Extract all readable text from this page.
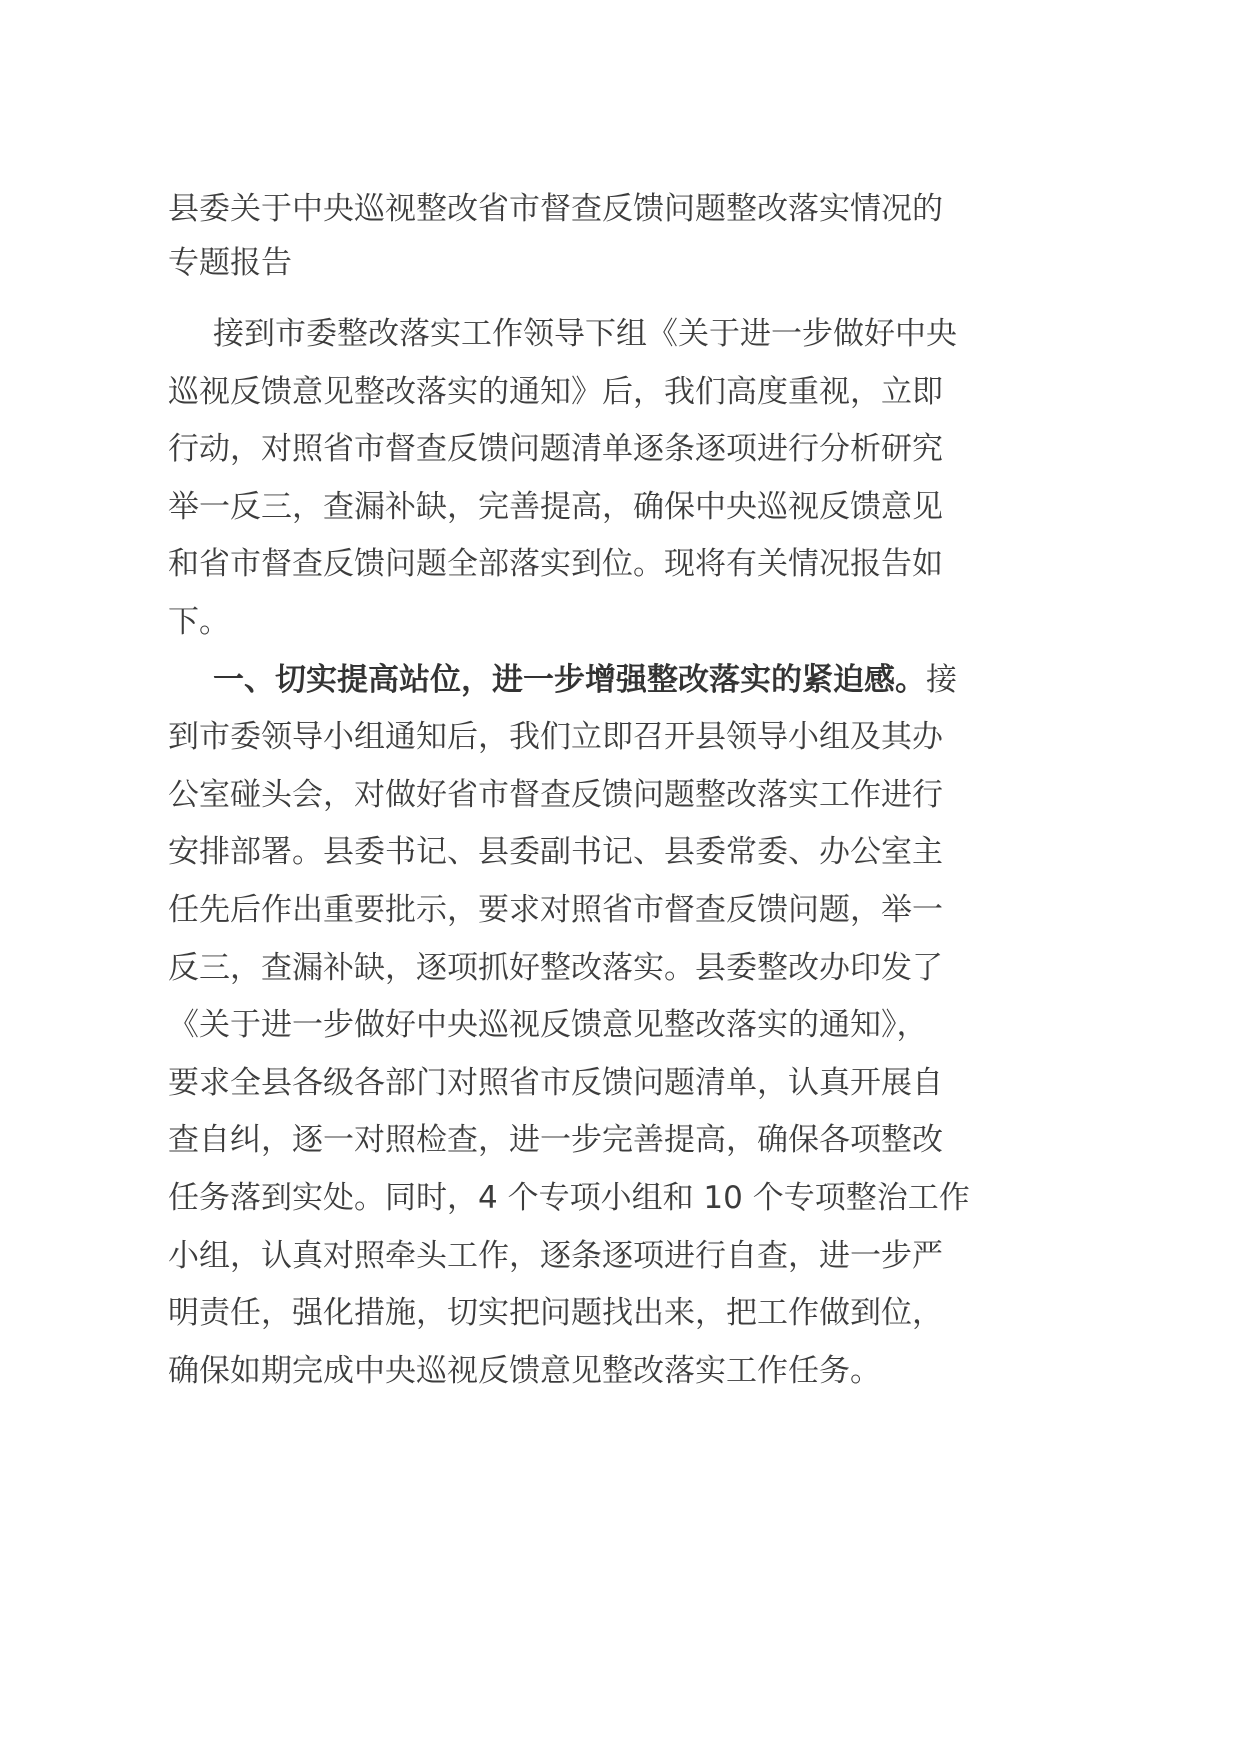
县委关于中央巡视整改省市督查反馈问题整改落实情况的
专题报告
接到市委整改落实工作领导下组《关于进一步做好中央
巡视反馈意见整改落实的通知》后，我们高度重视，立即
行动，对照省市督查反馈问题清单逐条逐项进行分析研究
举一反三，查漏补缺，完善提高，确保中央巡视反馈意见
和省市督查反馈问题全部落实到位。现将有关情况报告如
下。
一、切实提高站位，进一步增强整改落实的紧迫感。接
到市委领导小组通知后，我们立即召开县领导小组及其办
公室碰头会，对做好省市督查反馈问题整改落实工作进行
安排部署。县委书记、县委副书记、县委常委、办公室主
任先后作出重要批示，要求对照省市督查反馈问题，举一
反三，查漏补缺，逐项抓好整改落实。县委整改办印发了
《关于进一步做好中央巡视反馈意见整改落实的通知》，
要求全县各级各部门对照省市反馈问题清单，认真开展自
查自纠，逐一对照检查，进一步完善提高，确保各项整改
任务落到实处。同时，4 个专项小组和 10 个专项整治工作
小组，认真对照牵头工作，逐条逐项进行自查，进一步严
明责任，强化措施，切实把问题找出来，把工作做到位，
确保如期完成中央巡视反馈意见整改落实工作任务。
